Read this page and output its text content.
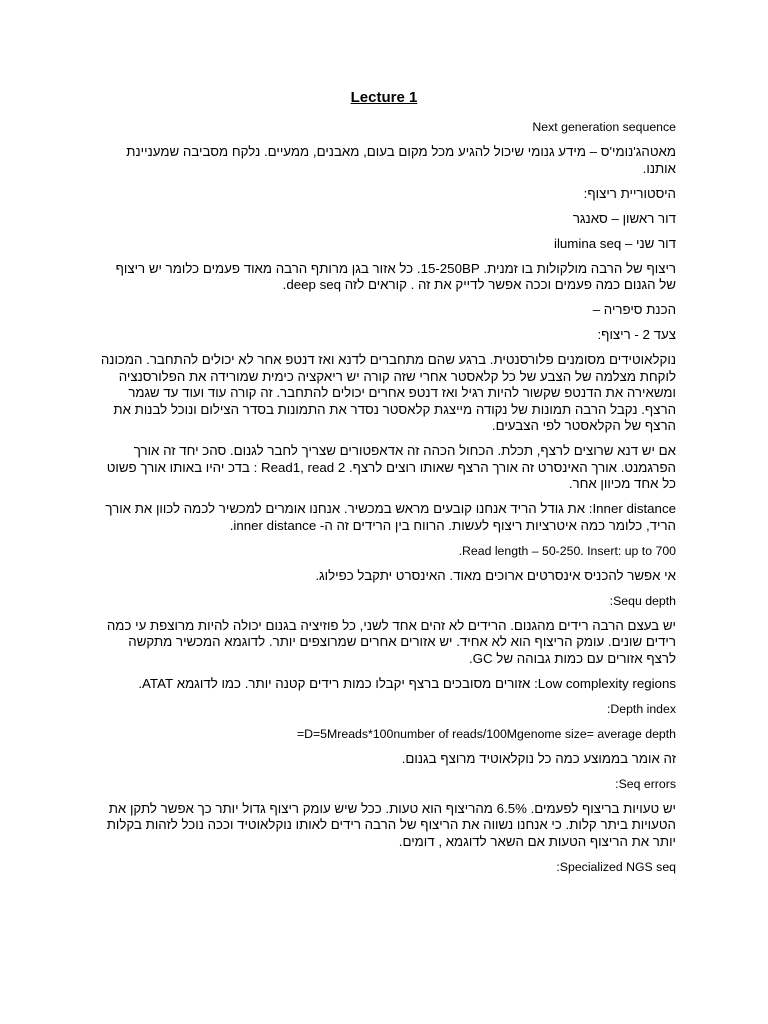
Lecture 1

Next generation sequence

מאטהג'נומי'ס – מידע גנומי שיכול להגיע מכל מקום בעום, מאבנים, ממעיים. נלקח מסביבה שמעניינת אותנו.

היסטוריית ריצוף:

דור ראשון – סאנגר

דור שני – ilumina seq

ריצוף של הרבה מולקולות בו זמנית. 15-250BP. כל אזור בגן מרותף הרבה מאוד פעמים כלומר יש ריצוף של הגנום כמה פעמים וככה אפשר לדייק את זה . קוראים לזה deep seq.

הכנת סיפריה –

צעד 2 - ריצוף:

נוקלאוטידים מסומנים פלורסנטית. ברגע שהם מתחברים לדנא ואז דנטפ אחר לא יכולים להתחבר. המכונה לוקחת מצלמה של הצבע של כל קלאסטר אחרי שזה קורה יש ריאקציה כימית שמורידה את הפלורסנציה ומשאירה את הדנטפ שקשור להיות רגיל ואז דנטפ אחרים יכולים להתחבר. זה קורה עוד ועוד עד שגמר הרצף. נקבל הרבה תמונות של נקודה מייצגת קלאסטר נסדר את התמונות בסדר הצילום ונוכל לבנות את הרצף של הקלאסטר לפי הצבעים.

אם יש דנא שרוצים לרצף, תכלת. הכחול הכהה זה אדאפטורים שצריך לחבר לגנום. סהכ יחד זה אורך הפרגמנט. אורך האינסרט זה אורך הרצף שאותו רוצים לרצף. Read1, read 2 : בדכ יהיו באותו אורך פשוט כל אחד מכיוון אחר.

Inner distance: את גודל הריד אנחנו קובעים מראש במכשיר. אנחנו אומרים למכשיר לכמה לכוון את אורך הריד, כלומר כמה איטרציות ריצוף לעשות. הרווח בין הרידים זה ה- inner distance.

Read length – 50-250. Insert: up to 700.

אי אפשר להכניס אינסרטים ארוכים מאוד. האינסרט יתקבל כפילוג.

Sequ depth:

יש בעצם הרבה רידים מהגנום. הרידים לא זהים אחד לשני, כל פוזיציה בגנום יכולה להיות מרוצפת עי כמה רידים שונים. עומק הריצוף הוא לא אחיד. יש אזורים אחרים שמרוצפים יותר. לדוגמא המכשיר מתקשה לרצף אזורים עם כמות גבוהה של GC.

Low complexity regions: אזורים מסובכים ברצף יקבלו כמות רידים קטנה יותר. כמו לדוגמא ATAT.

Depth index:

D=5Mreads*100number of reads/100Mgenome size= average depth=

זה אומר בממוצע כמה כל נוקלאוטיד מרוצף בגנום.

Seq errors:

יש טעויות בריצוף לפעמים. 6.5% מהריצוף הוא טעות. ככל שיש עומק ריצוף גדול יותר כך אפשר לתקן את הטעויות ביתר קלות. כי אנחנו נשווה את הריצוף של הרבה רידים לאותו נוקלאוטיד וככה נוכל לזהות בקלות יותר את הריצוף הטעות אם השאר לדוגמא , דומים.

Specialized NGS seq:
